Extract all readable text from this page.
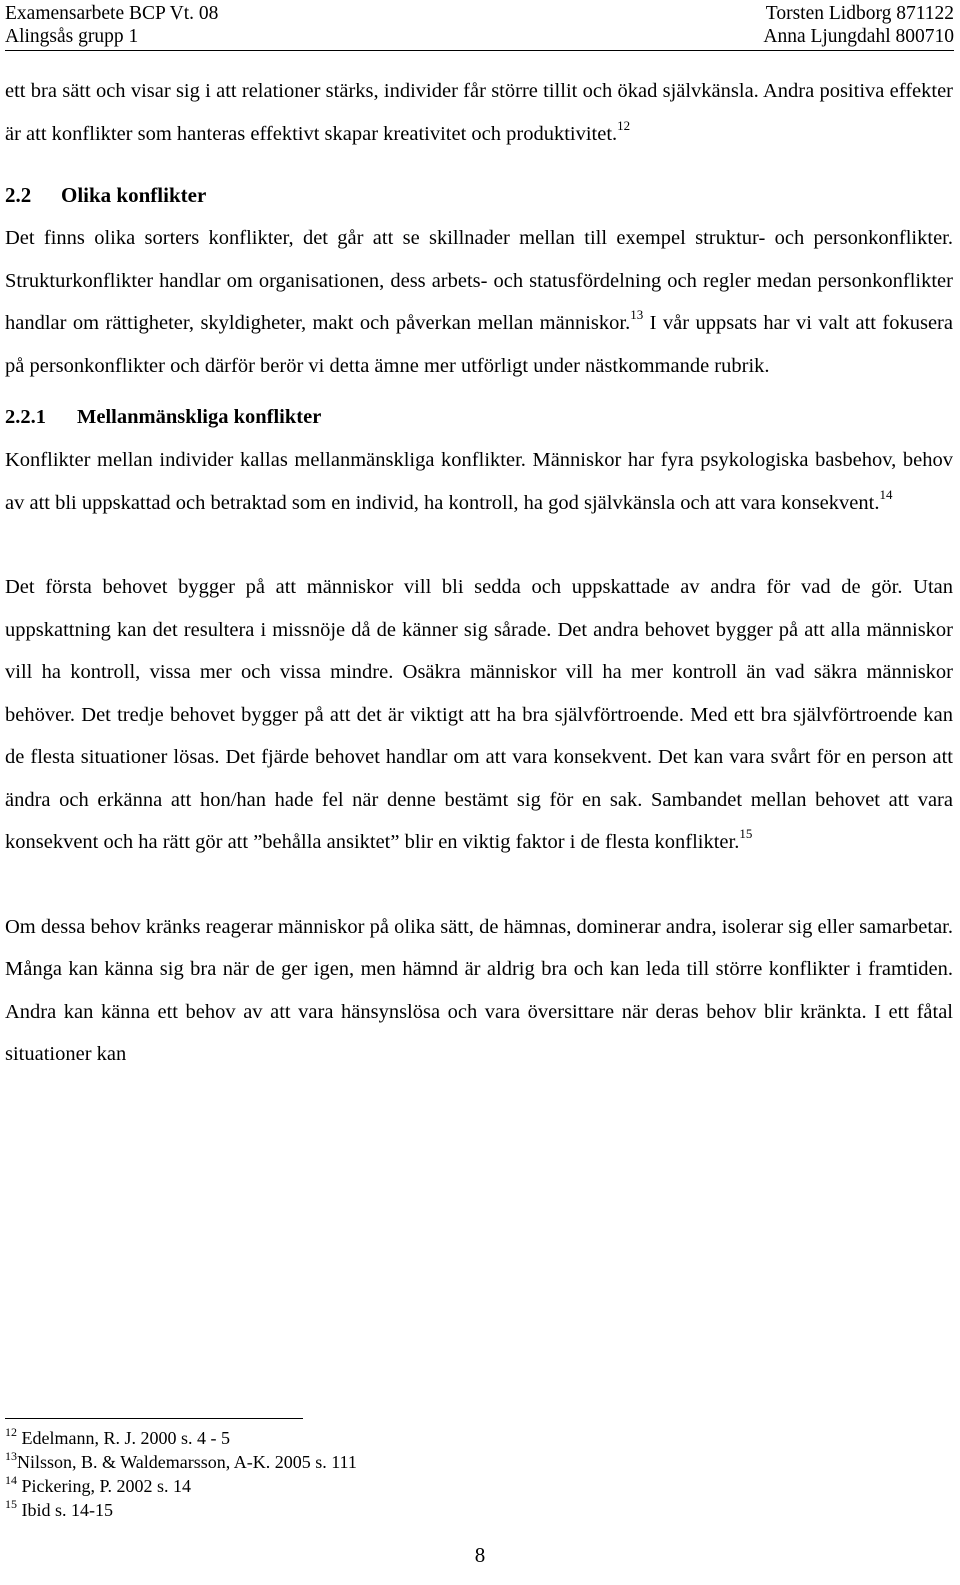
Examensarbete BCP Vt. 08
Alingsås grupp 1
Torsten Lidborg 871122
Anna Ljungdahl 800710

ett bra sätt och visar sig i att relationer stärks, individer får större tillit och ökad självkänsla. Andra positiva effekter är att konflikter som hanteras effektivt skapar kreativitet och produktivitet.$^{12}$

2.2 Olika konflikter

Det finns olika sorters konflikter, det går att se skillnader mellan till exempel struktur- och personkonflikter. Strukturkonflikter handlar om organisationen, dess arbets- och statusfördelning och regler medan personkonflikter handlar om rättigheter, skyldigheter, makt och påverkan mellan människor.$^{13}$ I vår uppsats har vi valt att fokusera på personkonflikter och därför berör vi detta ämne mer utförligt under nästkommande rubrik.

2.2.1 Mellanmänskliga konflikter

Konflikter mellan individer kallas mellanmänskliga konflikter. Människor har fyra psykologiska basbehov, behov av att bli uppskattad och betraktad som en individ, ha kontroll, ha god självkänsla och att vara konsekvent.$^{14}$

Det första behovet bygger på att människor vill bli sedda och uppskattade av andra för vad de gör. Utan uppskattning kan det resultera i missnöje då de känner sig sårade. Det andra behovet bygger på att alla människor vill ha kontroll, vissa mer och vissa mindre. Osäkra människor vill ha mer kontroll än vad säkra människor behöver. Det tredje behovet bygger på att det är viktigt att ha bra självförtroende. Med ett bra självförtroende kan de flesta situationer lösas. Det fjärde behovet handlar om att vara konsekvent. Det kan vara svårt för en person att ändra och erkänna att hon/han hade fel när denne bestämt sig för en sak. Sambandet mellan behovet att vara konsekvent och ha rätt gör att ”behålla ansiktet” blir en viktig faktor i de flesta konflikter.$^{15}$

Om dessa behov kränks reagerar människor på olika sätt, de hämnas, dominerar andra, isolerar sig eller samarbetar. Många kan känna sig bra när de ger igen, men hämnd är aldrig bra och kan leda till större konflikter i framtiden. Andra kan känna ett behov av att vara hänsynslösa och vara översittare när deras behov blir kränkta. I ett fåtal situationer kan

$^{12}$ Edelmann, R. J. 2000 s. 4 - 5
$^{13}$Nilsson, B. & Waldemarsson, A-K. 2005 s. 111
$^{14}$ Pickering, P. 2002 s. 14
$^{15}$ Ibid s. 14-15
8
